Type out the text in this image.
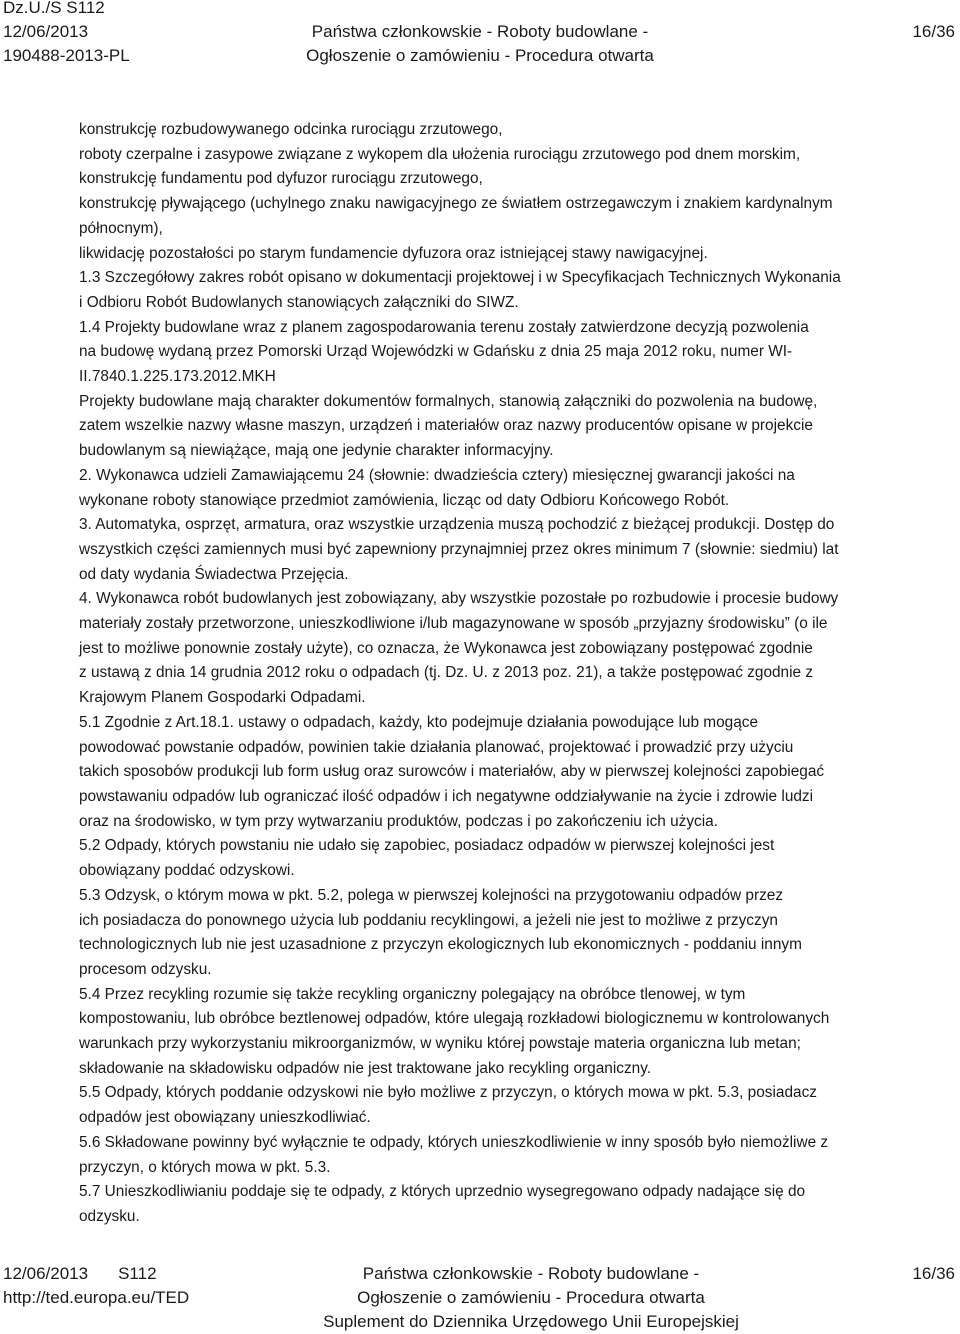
Dz.U./S S112
12/06/2013
190488-2013-PL
Państwa członkowskie - Roboty budowlane -
Ogłoszenie o zamówieniu - Procedura otwarta
16/36
konstrukcję rozbudowywanego odcinka rurociągu zrzutowego,
roboty czerpalne i zasypowe związane z wykopem dla ułożenia rurociągu zrzutowego pod dnem morskim,
konstrukcję fundamentu pod dyfuzor rurociągu zrzutowego,
konstrukcję pływającego (uchylnego znaku nawigacyjnego ze światłem ostrzegawczym i znakiem kardynalnym
północnym),
likwidację pozostałości po starym fundamencie dyfuzora oraz istniejącej stawy nawigacyjnej.
1.3 Szczegółowy zakres robót opisano w dokumentacji projektowej i w Specyfikacjach Technicznych Wykonania
i Odbioru Robót Budowlanych stanowiących załączniki do SIWZ.
1.4 Projekty budowlane wraz z planem zagospodarowania terenu zostały zatwierdzone decyzją pozwolenia
na budowę wydaną przez Pomorski Urząd Wojewódzki w Gdańsku z dnia 25 maja 2012 roku, numer WI-
II.7840.1.225.173.2012.MKH
Projekty budowlane mają charakter dokumentów formalnych, stanowią załączniki do pozwolenia na budowę,
zatem wszelkie nazwy własne maszyn, urządzeń i materiałów oraz nazwy producentów opisane w projekcie
budowlanym są niewiążące, mają one jedynie charakter informacyjny.
2. Wykonawca udzieli Zamawiającemu 24 (słownie: dwadzieścia cztery) miesięcznej gwarancji jakości na
wykonane roboty stanowiące przedmiot zamówienia, licząc od daty Odbioru Końcowego Robót.
3. Automatyka, osprzęt, armatura, oraz wszystkie urządzenia muszą pochodzić z bieżącej produkcji. Dostęp do
wszystkich części zamiennych musi być zapewniony przynajmniej przez okres minimum 7 (słownie: siedmiu) lat
od daty wydania Świadectwa Przejęcia.
4. Wykonawca robót budowlanych jest zobowiązany, aby wszystkie pozostałe po rozbudowie i procesie budowy
materiały zostały przetworzone, unieszkodliwione i/lub magazynowane w sposób „przyjazny środowisku” (o ile
jest to możliwe ponownie zostały użyte), co oznacza, że Wykonawca jest zobowiązany postępować zgodnie
z ustawą z dnia 14 grudnia 2012 roku o odpadach (tj. Dz. U. z 2013 poz. 21), a także postępować zgodnie z
Krajowym Planem Gospodarki Odpadami.
5.1 Zgodnie z Art.18.1. ustawy o odpadach, każdy, kto podejmuje działania powodujące lub mogące
powodować powstanie odpadów, powinien takie działania planować, projektować i prowadzić przy użyciu
takich sposobów produkcji lub form usług oraz surowców i materiałów, aby w pierwszej kolejności zapobiegać
powstawaniu odpadów lub ograniczać ilość odpadów i ich negatywne oddziaływanie na życie i zdrowie ludzi
oraz na środowisko, w tym przy wytwarzaniu produktów, podczas i po zakończeniu ich użycia.
5.2 Odpady, których powstaniu nie udało się zapobiec, posiadacz odpadów w pierwszej kolejności jest
obowiązany poddać odzyskowi.
5.3 Odzysk, o którym mowa w pkt. 5.2, polega w pierwszej kolejności na przygotowaniu odpadów przez
ich posiadacza do ponownego użycia lub poddaniu recyklingowi, a jeżeli nie jest to możliwe z przyczyn
technologicznych lub nie jest uzasadnione z przyczyn ekologicznych lub ekonomicznych - poddaniu innym
procesom odzysku.
5.4 Przez recykling rozumie się także recykling organiczny polegający na obróbce tlenowej, w tym
kompostowaniu, lub obróbce beztlenowej odpadów, które ulegają rozkładowi biologicznemu w kontrolowanych
warunkach przy wykorzystaniu mikroorganizmów, w wyniku której powstaje materia organiczna lub metan;
składowanie na składowisku odpadów nie jest traktowane jako recykling organiczny.
5.5 Odpady, których poddanie odzyskowi nie było możliwe z przyczyn, o których mowa w pkt. 5.3, posiadacz
odpadów jest obowiązany unieszkodliwiać.
5.6 Składowane powinny być wyłącznie te odpady, których unieszkodliwienie w inny sposób było niemożliwe z
przyczyn, o których mowa w pkt. 5.3.
5.7 Unieszkodliwianiu poddaje się te odpady, z których uprzednio wysegregowano odpady nadające się do
odzysku.
12/06/2013 S112
http://ted.europa.eu/TED
Państwa członkowskie - Roboty budowlane -
Ogłoszenie o zamówieniu - Procedura otwarta
Suplement do Dziennika Urzędowego Unii Europejskiej
16/36
